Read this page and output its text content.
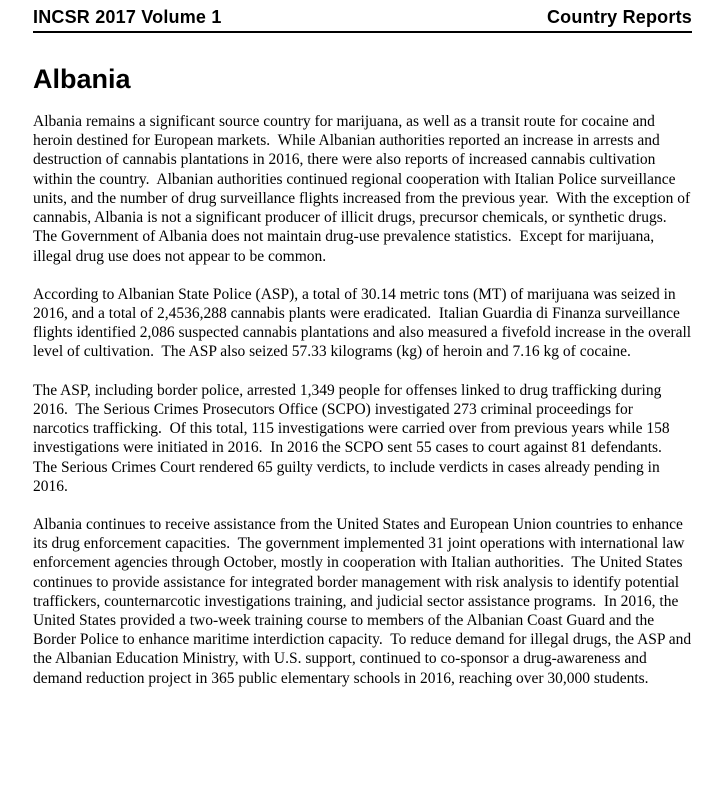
INCSR 2017 Volume 1	Country Reports
Albania

Albania remains a significant source country for marijuana, as well as a transit route for cocaine and heroin destined for European markets.  While Albanian authorities reported an increase in arrests and destruction of cannabis plantations in 2016, there were also reports of increased cannabis cultivation within the country.  Albanian authorities continued regional cooperation with Italian Police surveillance units, and the number of drug surveillance flights increased from the previous year.  With the exception of cannabis, Albania is not a significant producer of illicit drugs, precursor chemicals, or synthetic drugs.  The Government of Albania does not maintain drug-use prevalence statistics.  Except for marijuana, illegal drug use does not appear to be common.

According to Albanian State Police (ASP), a total of 30.14 metric tons (MT) of marijuana was seized in 2016, and a total of 2,4536,288 cannabis plants were eradicated.  Italian Guardia di Finanza surveillance flights identified 2,086 suspected cannabis plantations and also measured a fivefold increase in the overall level of cultivation.  The ASP also seized 57.33 kilograms (kg) of heroin and 7.16 kg of cocaine.

The ASP, including border police, arrested 1,349 people for offenses linked to drug trafficking during 2016.  The Serious Crimes Prosecutors Office (SCPO) investigated 273 criminal proceedings for narcotics trafficking.  Of this total, 115 investigations were carried over from previous years while 158 investigations were initiated in 2016.  In 2016 the SCPO sent 55 cases to court against 81 defendants.  The Serious Crimes Court rendered 65 guilty verdicts, to include verdicts in cases already pending in 2016.

Albania continues to receive assistance from the United States and European Union countries to enhance its drug enforcement capacities.  The government implemented 31 joint operations with international law enforcement agencies through October, mostly in cooperation with Italian authorities.  The United States continues to provide assistance for integrated border management with risk analysis to identify potential traffickers, counternarcotic investigations training, and judicial sector assistance programs.  In 2016, the United States provided a two-week training course to members of the Albanian Coast Guard and the Border Police to enhance maritime interdiction capacity.  To reduce demand for illegal drugs, the ASP and the Albanian Education Ministry, with U.S. support, continued to co-sponsor a drug-awareness and demand reduction project in 365 public elementary schools in 2016, reaching over 30,000 students.
